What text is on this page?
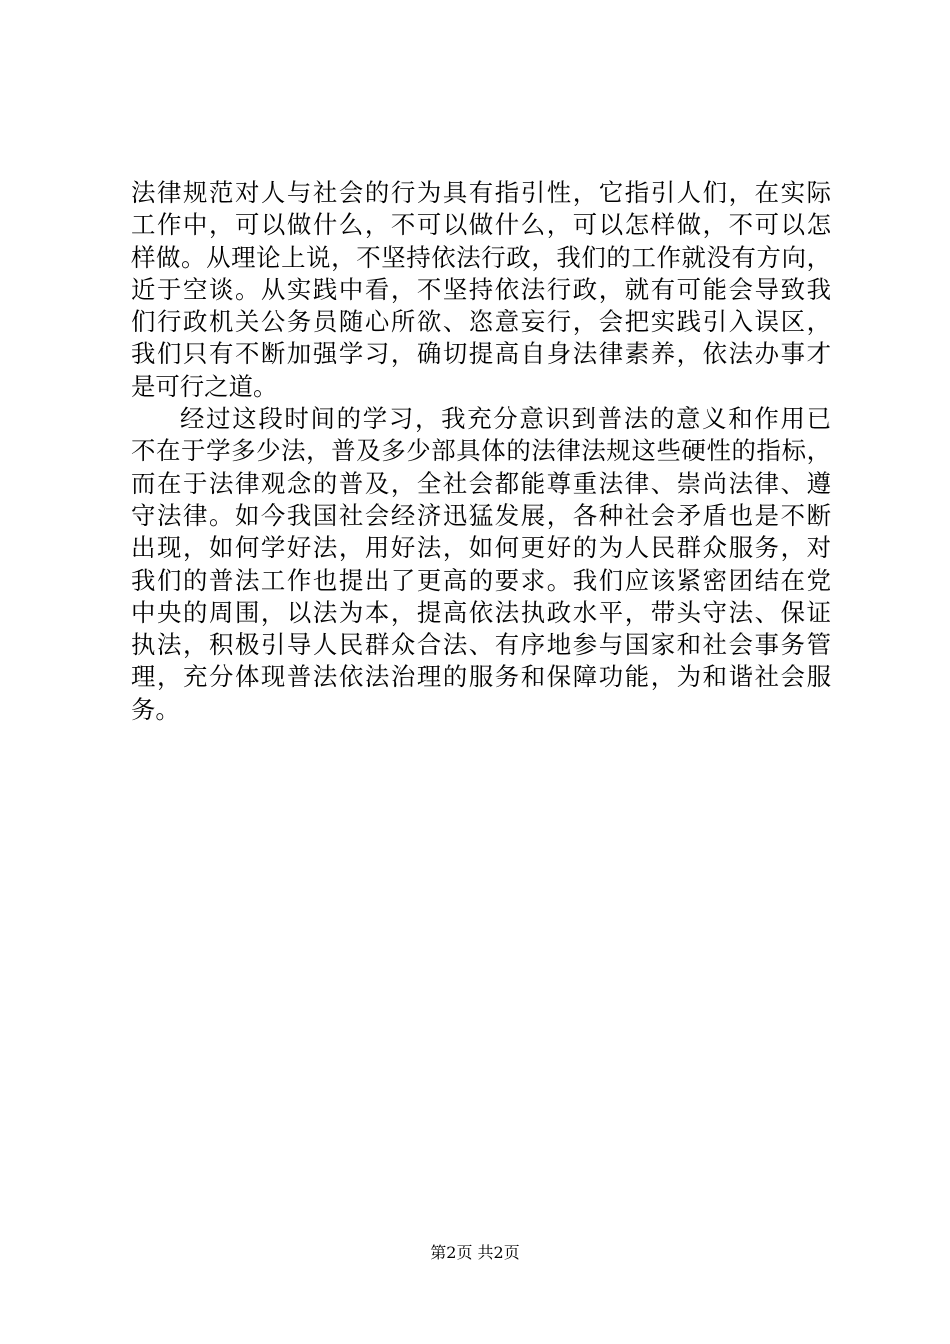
法律规范对人与社会的行为具有指引性，它指引人们，在实际
工作中，可以做什么，不可以做什么，可以怎样做，不可以怎
样做。从理论上说，不坚持依法行政，我们的工作就没有方向，
近于空谈。从实践中看，不坚持依法行政，就有可能会导致我
们行政机关公务员随心所欲、恣意妄行，会把实践引入误区，
我们只有不断加强学习，确切提高自身法律素养，依法办事才
是可行之道。
经过这段时间的学习，我充分意识到普法的意义和作用已
不在于学多少法，普及多少部具体的法律法规这些硬性的指标，
而在于法律观念的普及，全社会都能尊重法律、崇尚法律、遵
守法律。如今我国社会经济迅猛发展，各种社会矛盾也是不断
出现，如何学好法，用好法，如何更好的为人民群众服务，对
我们的普法工作也提出了更高的要求。我们应该紧密团结在党
中央的周围，以法为本，提高依法执政水平，带头守法、保证
执法，积极引导人民群众合法、有序地参与国家和社会事务管
理，充分体现普法依法治理的服务和保障功能，为和谐社会服
务。
第2页 共2页
